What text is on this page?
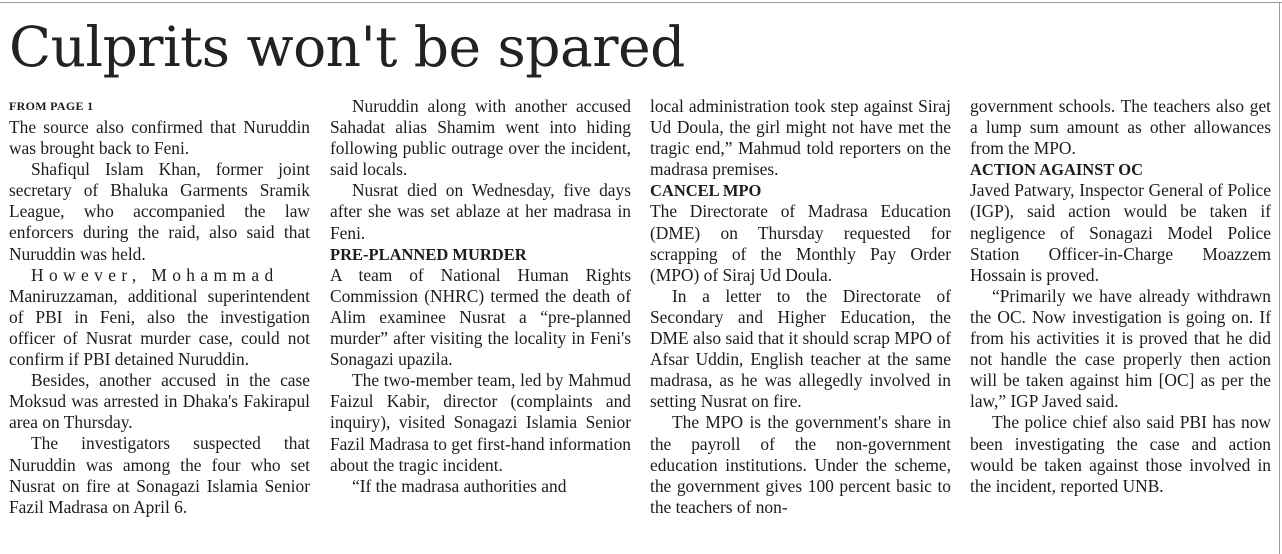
Culprits won't be spared
FROM PAGE 1

The source also confirmed that Nuruddin was brought back to Feni.

Shafiqul Islam Khan, former joint secretary of Bhaluka Garments Sramik League, who accompanied the law enforcers during the raid, also said that Nuruddin was held.

However, Mohammad
Maniruzzaman, additional superintendent of PBI in Feni, also the investigation officer of Nusrat murder case, could not confirm if PBI detained Nuruddin.

Besides, another accused in the case Moksud was arrested in Dhaka's Fakirapul area on Thursday.

The investigators suspected that Nuruddin was among the four who set Nusrat on fire at Sonagazi Islamia Senior Fazil Madrasa on April 6.

Nuruddin along with another accused Sahadat alias Shamim went into hiding following public outrage over the incident, said locals.

Nusrat died on Wednesday, five days after she was set ablaze at her madrasa in Feni.

PRE-PLANNED MURDER

A team of National Human Rights Commission (NHRC) termed the death of Alim examinee Nusrat a “pre-planned murder” after visiting the locality in Feni's Sonagazi upazila.

The two-member team, led by Mahmud Faizul Kabir, director (complaints and inquiry), visited Sonagazi Islamia Senior Fazil Madrasa to get first-hand information about the tragic incident.

“If the madrasa authorities and

local administration took step against Siraj Ud Doula, the girl might not have met the tragic end,” Mahmud told reporters on the madrasa premises.

CANCEL MPO

The Directorate of Madrasa Education (DME) on Thursday requested for scrapping of the Monthly Pay Order (MPO) of Siraj Ud Doula.

In a letter to the Directorate of Secondary and Higher Education, the DME also said that it should scrap MPO of Afsar Uddin, English teacher at the same madrasa, as he was allegedly involved in setting Nusrat on fire.

The MPO is the government's share in the payroll of the non-government education institutions. Under the scheme, the government gives 100 percent basic to the teachers of non-

government schools. The teachers also get a lump sum amount as other allowances from the MPO.

ACTION AGAINST OC

Javed Patwary, Inspector General of Police (IGP), said action would be taken if negligence of Sonagazi Model Police Station Officer-in-Charge Moazzem Hossain is proved.

“Primarily we have already withdrawn the OC. Now investigation is going on. If from his activities it is proved that he did not handle the case properly then action will be taken against him [OC] as per the law,” IGP Javed said.

The police chief also said PBI has now been investigating the case and action would be taken against those involved in the incident, reported UNB.
